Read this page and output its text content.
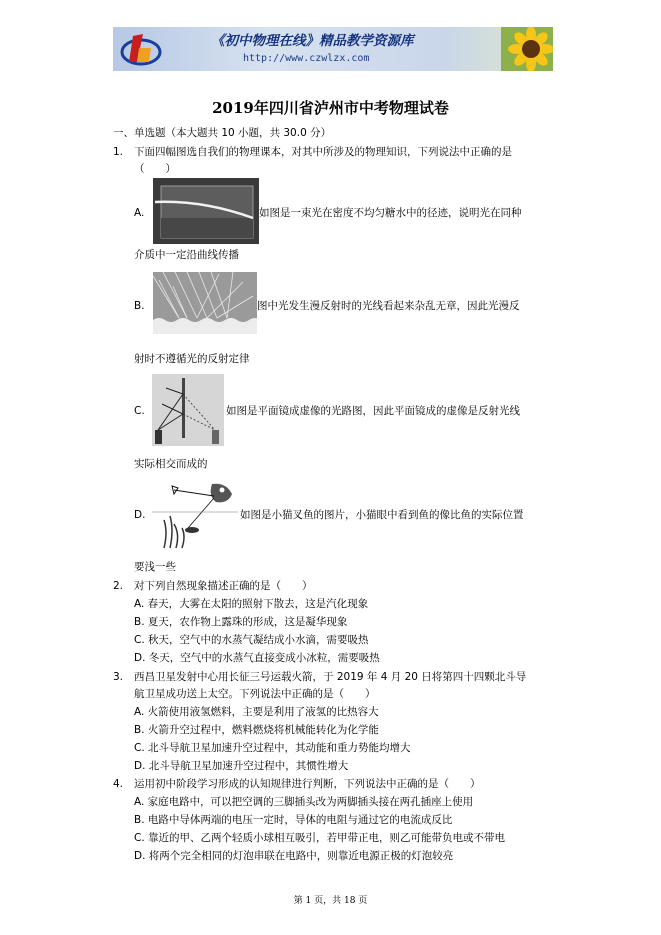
《初中物理在线》精品教学资源库
http://www.czwlzx.com
2019年四川省泸州市中考物理试卷
一、单选题（本大题共 10 小题，共 30.0 分）
1. 下面四幅图选自我们的物理课本，对其中所涉及的物理知识，下列说法中正确的是
（　　）
A.	如图是一束光在密度不均匀糖水中的径迹，说明光在同种
介质中一定沿曲线传播
B.	图中光发生漫反射时的光线看起来杂乱无章，因此光漫反
射时不遵循光的反射定律
C.	如图是平面镜成虚像的光路图，因此平面镜成的虚像是反射光线
实际相交而成的
D.	如图是小猫叉鱼的图片，小猫眼中看到鱼的像比鱼的实际位置
要浅一些
2. 对下列自然现象描述正确的是（　　）
A. 春天，大雾在太阳的照射下散去，这是汽化现象
B. 夏天，农作物上露珠的形成，这是凝华现象
C. 秋天，空气中的水蒸气凝结成小水滴，需要吸热
D. 冬天，空气中的水蒸气直接变成小冰粒，需要吸热
3. 西昌卫星发射中心用长征三号运载火箭，于 2019 年 4 月 20 日将第四十四颗北斗导
航卫星成功送上太空。下列说法中正确的是（　　）
A. 火箭使用液氢燃料，主要是利用了液氢的比热容大
B. 火箭升空过程中，燃料燃烧将机械能转化为化学能
C. 北斗导航卫星加速升空过程中，其动能和重力势能均增大
D. 北斗导航卫星加速升空过程中，其惯性增大
4. 运用初中阶段学习形成的认知规律进行判断，下列说法中正确的是（　　）
A. 家庭电路中，可以把空调的三脚插头改为两脚插头接在两孔插座上使用
B. 电路中导体两端的电压一定时，导体的电阻与通过它的电流成反比
C. 靠近的甲、乙两个轻质小球相互吸引，若甲带正电，则乙可能带负电或不带电
D. 将两个完全相同的灯泡串联在电路中，则靠近电源正极的灯泡较亮
第 1 页，共 18 页
